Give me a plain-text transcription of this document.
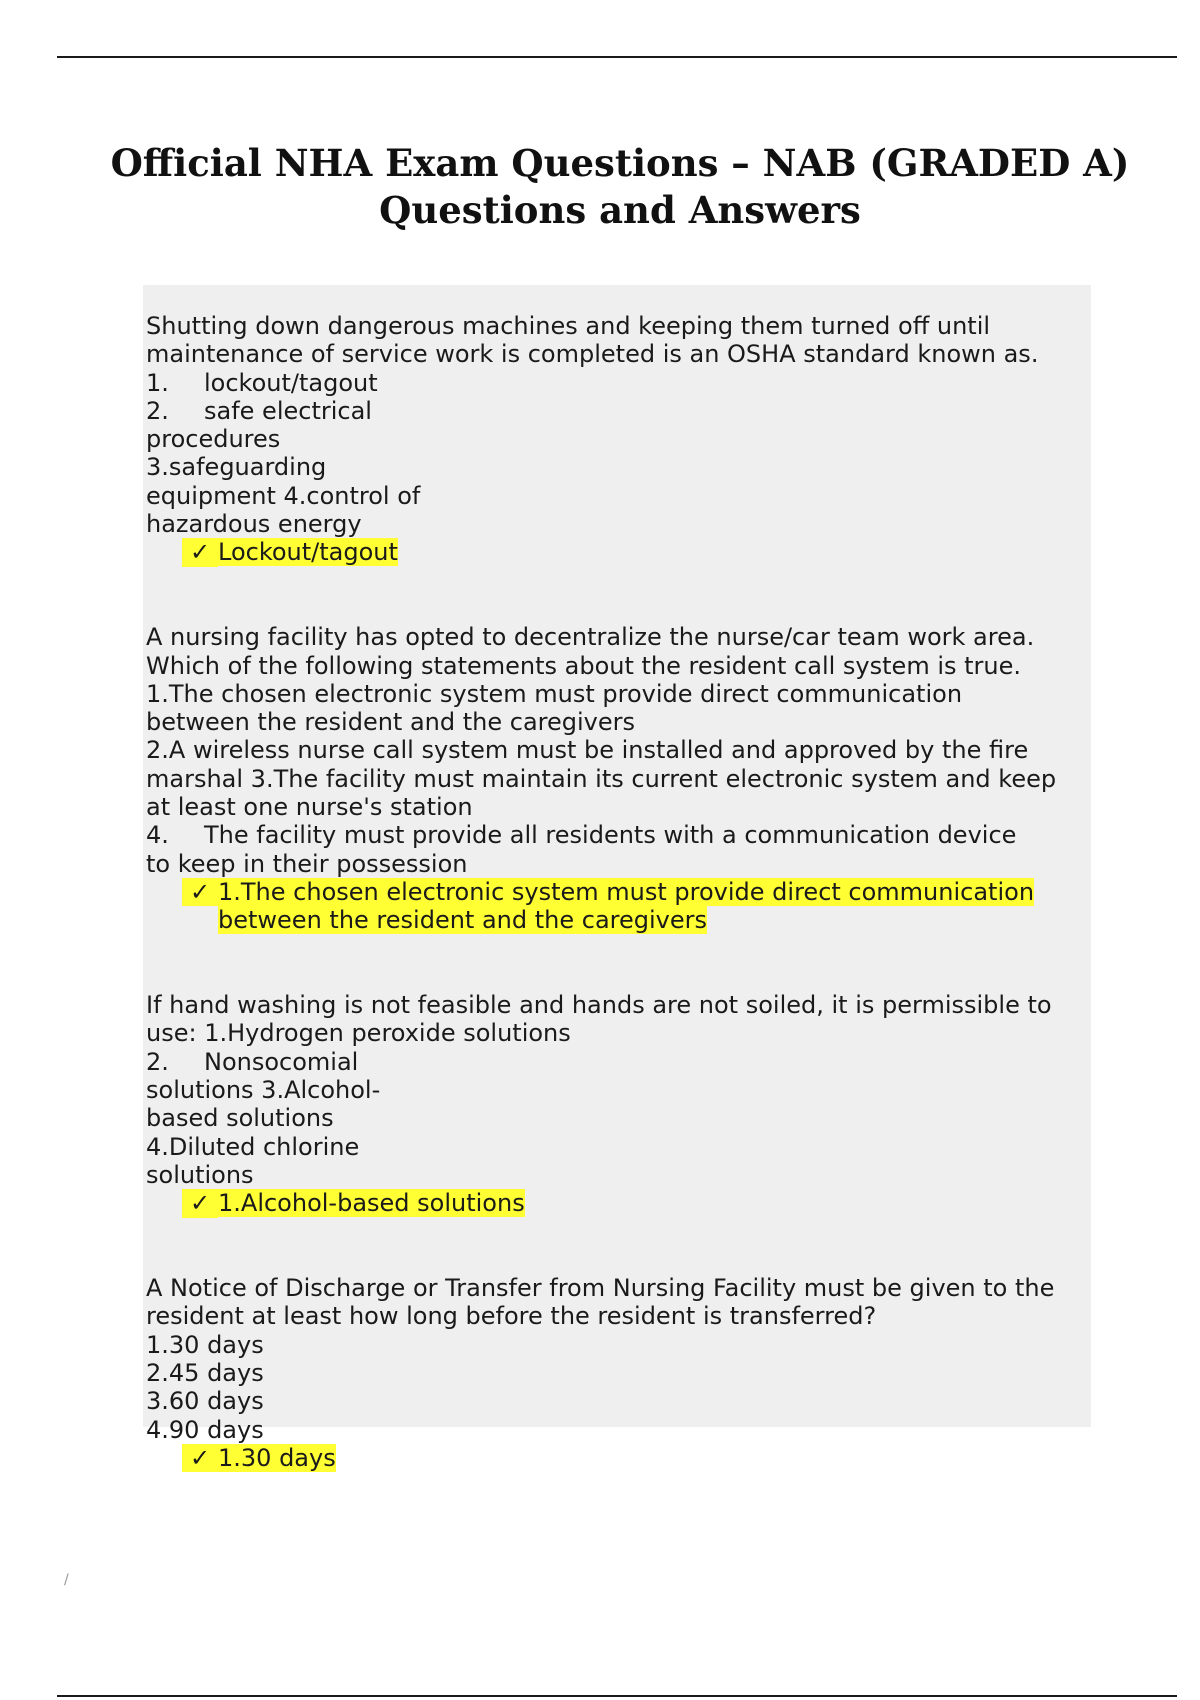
Official NHA Exam Questions – NAB (GRADED A)
Questions and Answers
Shutting down dangerous machines and keeping them turned off until
maintenance of service work is completed is an OSHA standard known as.
1. lockout/tagout
2. safe electrical
procedures
3.safeguarding
equipment 4.control of
hazardous energy
✓ Lockout/tagout
A nursing facility has opted to decentralize the nurse/car team work area.
Which of the following statements about the resident call system is true.
1.The chosen electronic system must provide direct communication
between the resident and the caregivers
2.A wireless nurse call system must be installed and approved by the fire
marshal 3.The facility must maintain its current electronic system and keep
at least one nurse's station
4. The facility must provide all residents with a communication device
to keep in their possession
✓ 1.The chosen electronic system must provide direct communication
between the resident and the caregivers
If hand washing is not feasible and hands are not soiled, it is permissible to
use: 1.Hydrogen peroxide solutions
2. Nonsocomial
solutions 3.Alcohol-
based solutions
4.Diluted chlorine
solutions
✓ 1.Alcohol-based solutions
A Notice of Discharge or Transfer from Nursing Facility must be given to the
resident at least how long before the resident is transferred?
1.30 days
2.45 days
3.60 days
4.90 days
✓ 1.30 days
/
